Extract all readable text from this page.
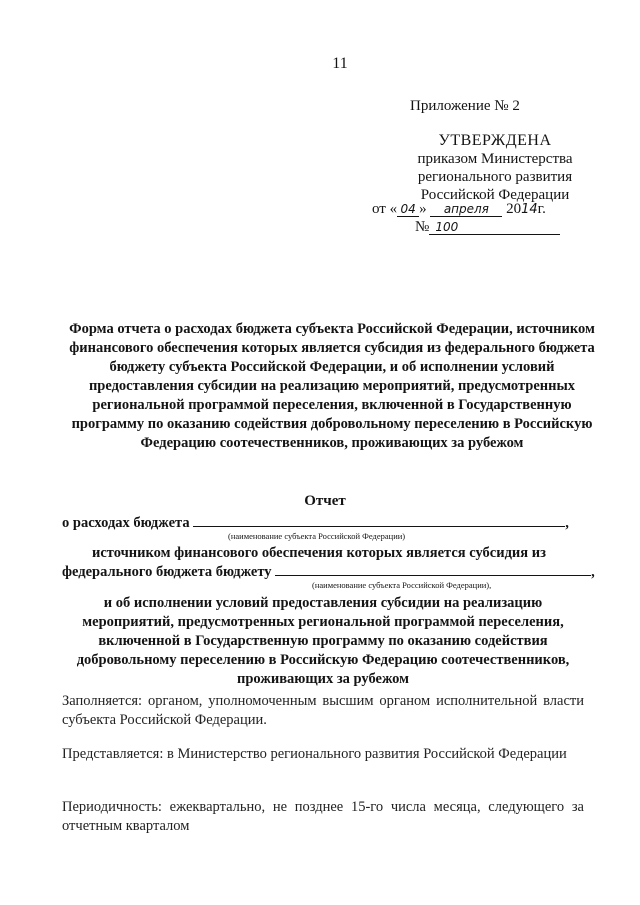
11
Приложение № 2
УТВЕРЖДЕНА
приказом Министерства
регионального развития
Российской Федерации
от « 04 » апреля 2014г.
№ 100
Форма отчета о расходах бюджета субъекта Российской Федерации, источником финансового обеспечения которых является субсидия из федерального бюджета бюджету субъекта Российской Федерации, и об исполнении условий предоставления субсидии на реализацию мероприятий, предусмотренных региональной программой переселения, включенной в Государственную программу по оказанию содействия добровольному переселению в Российскую Федерацию соотечественников, проживающих за рубежом
Отчет
о расходах бюджета	,
(наименование субъекта Российской Федерации)
источником финансового обеспечения которых является субсидия из
федерального бюджета бюджету	,
(наименование субъекта Российской Федерации),
и об исполнении условий предоставления субсидии на реализацию мероприятий, предусмотренных региональной программой переселения, включенной в Государственную программу по оказанию содействия добровольному переселению в Российскую Федерацию соотечественников, проживающих за рубежом
Заполняется: органом, уполномоченным высшим органом исполнительной власти субъекта Российской Федерации.
Представляется: в Министерство регионального развития Российской Федерации
Периодичность: ежеквартально, не позднее 15-го числа месяца, следующего за отчетным кварталом
